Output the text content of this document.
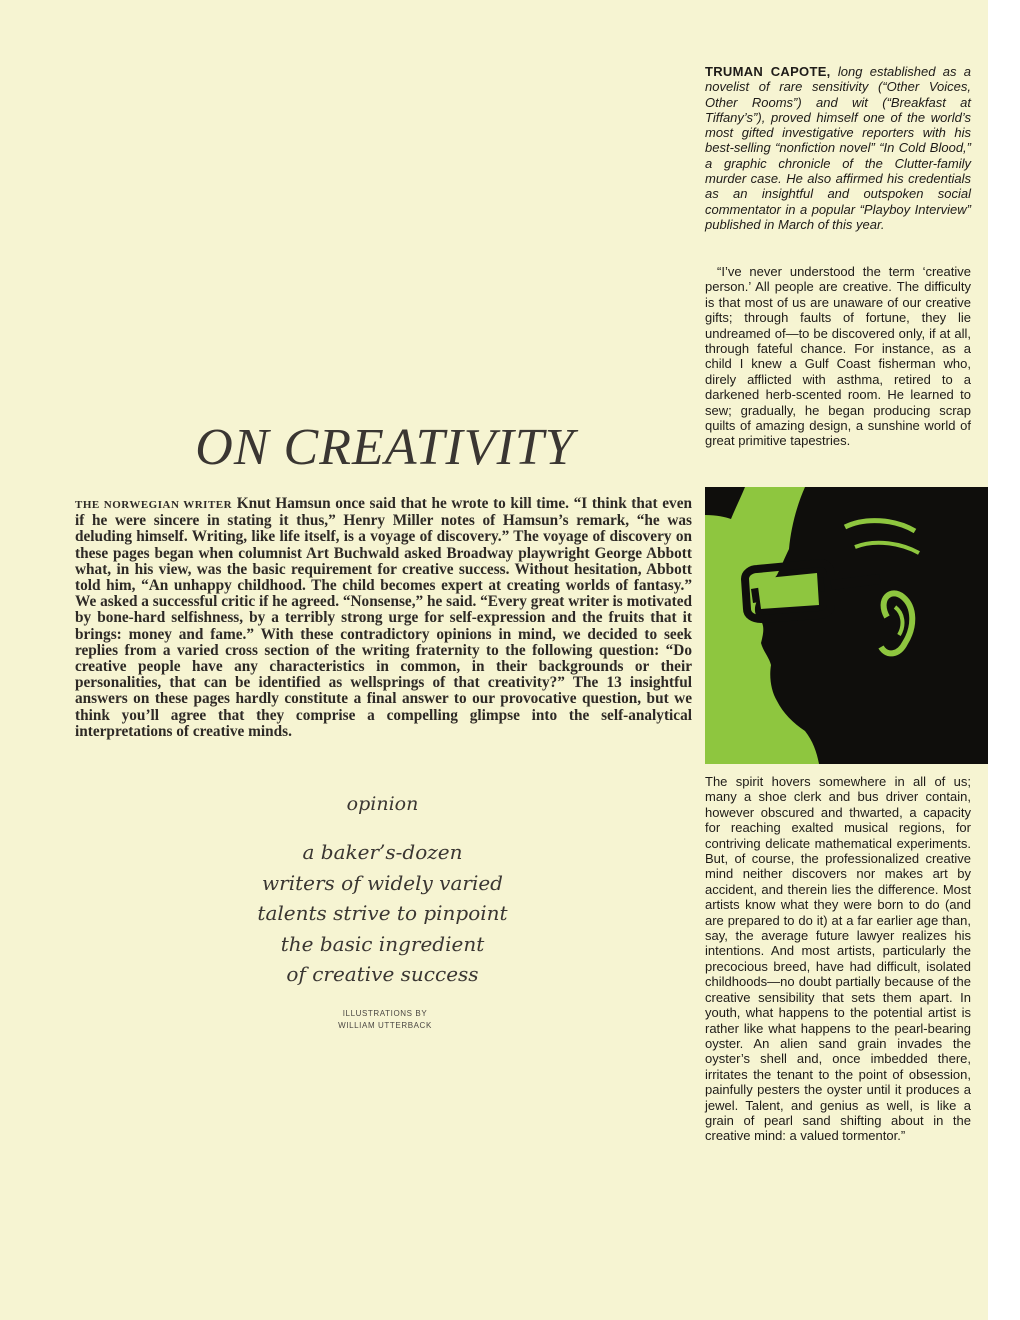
ON CREATIVITY

THE NORWEGIAN WRITER Knut Hamsun once said that he wrote to kill time. “I think that even if he were sincere in stating it thus,” Henry Miller notes of Hamsun’s remark, “he was deluding himself. Writing, like life itself, is a voyage of discovery.” The voyage of discovery on these pages began when columnist Art Buchwald asked Broadway playwright George Abbott what, in his view, was the basic requirement for creative success. Without hesitation, Abbott told him, “An unhappy childhood. The child becomes expert at creating worlds of fantasy.” We asked a successful critic if he agreed. “Nonsense,” he said. “Every great writer is motivated by bone-hard selfishness, by a terribly strong urge for self-expression and the fruits that it brings: money and fame.” With these contradictory opinions in mind, we decided to seek replies from a varied cross section of the writing fraternity to the following question: “Do creative people have any characteristics in common, in their backgrounds or their personalities, that can be identified as wellsprings of that creativity?” The 13 insightful answers on these pages hardly constitute a final answer to our provocative question, but we think you’ll agree that they comprise a compelling glimpse into the self-analytical interpretations of creative minds.

opinion
a baker’s-dozen
writers of widely varied
talents strive to pinpoint
the basic ingredient
of creative success
ILLUSTRATIONS BY
WILLIAM UTTERBACK

TRUMAN CAPOTE, long established as a novelist of rare sensitivity (“Other Voices, Other Rooms”) and wit (“Breakfast at Tiffany’s”), proved himself one of the world’s most gifted investigative reporters with his best-selling “nonfiction novel” “In Cold Blood,” a graphic chronicle of the Clutter-family murder case. He also affirmed his credentials as an insightful and outspoken social commentator in a popular “Playboy Interview” published in March of this year.

“I’ve never understood the term ‘creative person.’ All people are creative. The difficulty is that most of us are unaware of our creative gifts; through faults of fortune, they lie undreamed of—to be discovered only, if at all, through fateful chance. For instance, as a child I knew a Gulf Coast fisherman who, direly afflicted with asthma, retired to a darkened herb-scented room. He learned to sew; gradually, he began producing scrap quilts of amazing design, a sunshine world of great primitive tapestries.

The spirit hovers somewhere in all of us; many a shoe clerk and bus driver contain, however obscured and thwarted, a capacity for reaching exalted musical regions, for contriving delicate mathematical experiments. But, of course, the professionalized creative mind neither discovers nor makes art by accident, and therein lies the difference. Most artists know what they were born to do (and are prepared to do it) at a far earlier age than, say, the average future lawyer realizes his intentions. And most artists, particularly the precocious breed, have had difficult, isolated childhoods—no doubt partially because of the creative sensibility that sets them apart. In youth, what happens to the potential artist is rather like what happens to the pearl-bearing oyster. An alien sand grain invades the oyster’s shell and, once imbedded there, irritates the tenant to the point of obsession, painfully pesters the oyster until it produces a jewel. Talent, and genius as well, is like a grain of pearl sand shifting about in the creative mind: a valued tormentor.”
